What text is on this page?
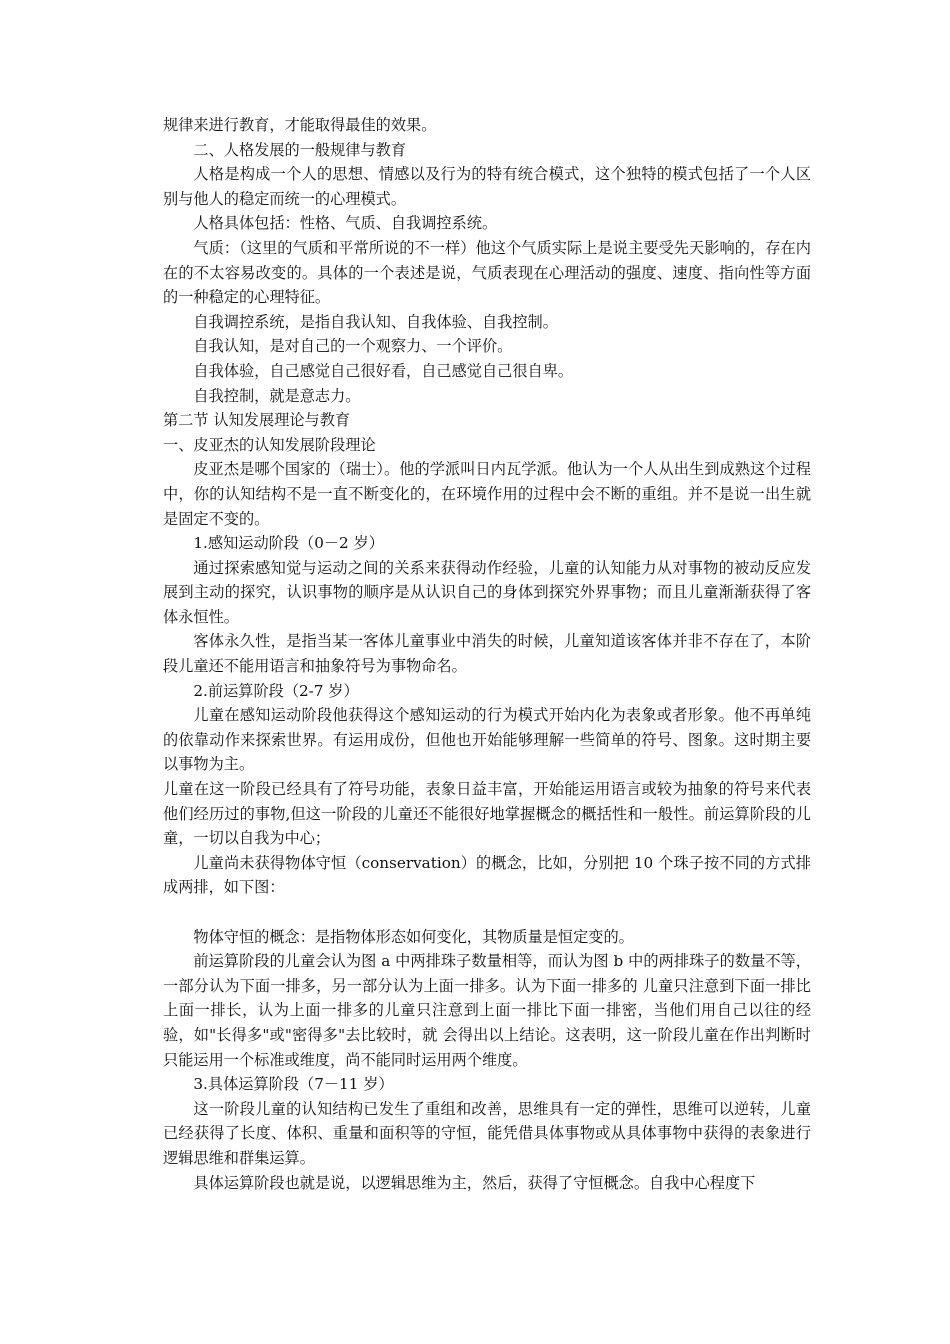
规律来进行教育，才能取得最佳的效果。

二、人格发展的一般规律与教育

人格是构成一个人的思想、情感以及行为的特有统合模式，这个独特的模式包括了一个人区别与他人的稳定而统一的心理模式。

人格具体包括：性格、气质、自我调控系统。

气质：（这里的气质和平常所说的不一样）他这个气质实际上是说主要受先天影响的，存在内在的不太容易改变的。具体的一个表述是说，气质表现在心理活动的强度、速度、指向性等方面的一种稳定的心理特征。

自我调控系统，是指自我认知、自我体验、自我控制。

自我认知，是对自己的一个观察力、一个评价。

自我体验，自己感觉自己很好看，自己感觉自己很自卑。

自我控制，就是意志力。

第二节 认知发展理论与教育

一、皮亚杰的认知发展阶段理论

皮亚杰是哪个国家的（瑞士）。他的学派叫日内瓦学派。他认为一个人从出生到成熟这个过程中，你的认知结构不是一直不断变化的，在环境作用的过程中会不断的重组。并不是说一出生就是固定不变的。

1.感知运动阶段（0－2 岁）

通过探索感知觉与运动之间的关系来获得动作经验，儿童的认知能力从对事物的被动反应发展到主动的探究，认识事物的顺序是从认识自己的身体到探究外界事物；而且儿童渐渐获得了客体永恒性。

客体永久性，是指当某一客体儿童事业中消失的时候，儿童知道该客体并非不存在了，本阶段儿童还不能用语言和抽象符号为事物命名。

2.前运算阶段（2-7 岁）

儿童在感知运动阶段他获得这个感知运动的行为模式开始内化为表象或者形象。他不再单纯的依靠动作来探索世界。有运用成份，但他也开始能够理解一些简单的符号、图象。这时期主要以事物为主。

儿童在这一阶段已经具有了符号功能，表象日益丰富，开始能运用语言或较为抽象的符号来代表他们经历过的事物,但这一阶段的儿童还不能很好地掌握概念的概括性和一般性。前运算阶段的儿童，一切以自我为中心；

儿童尚未获得物体守恒（conservation）的概念，比如，分别把 10 个珠子按不同的方式排成两排，如下图：

物体守恒的概念：是指物体形态如何变化，其物质量是恒定变的。

前运算阶段的儿童会认为图 a 中两排珠子数量相等，而认为图 b 中的两排珠子的数量不等，一部分认为下面一排多，另一部分认为上面一排多。认为下面一排多的 儿童只注意到下面一排比上面一排长，认为上面一排多的儿童只注意到上面一排比下面一排密，当他们用自己以往的经验，如"长得多"或"密得多"去比较时，就 会得出以上结论。这表明，这一阶段儿童在作出判断时只能运用一个标准或维度，尚不能同时运用两个维度。

3.具体运算阶段（7－11 岁）

这一阶段儿童的认知结构已发生了重组和改善，思维具有一定的弹性，思维可以逆转，儿童已经获得了长度、体积、重量和面积等的守恒，能凭借具体事物或从具体事物中获得的表象进行逻辑思维和群集运算。

具体运算阶段也就是说，以逻辑思维为主，然后，获得了守恒概念。自我中心程度下
